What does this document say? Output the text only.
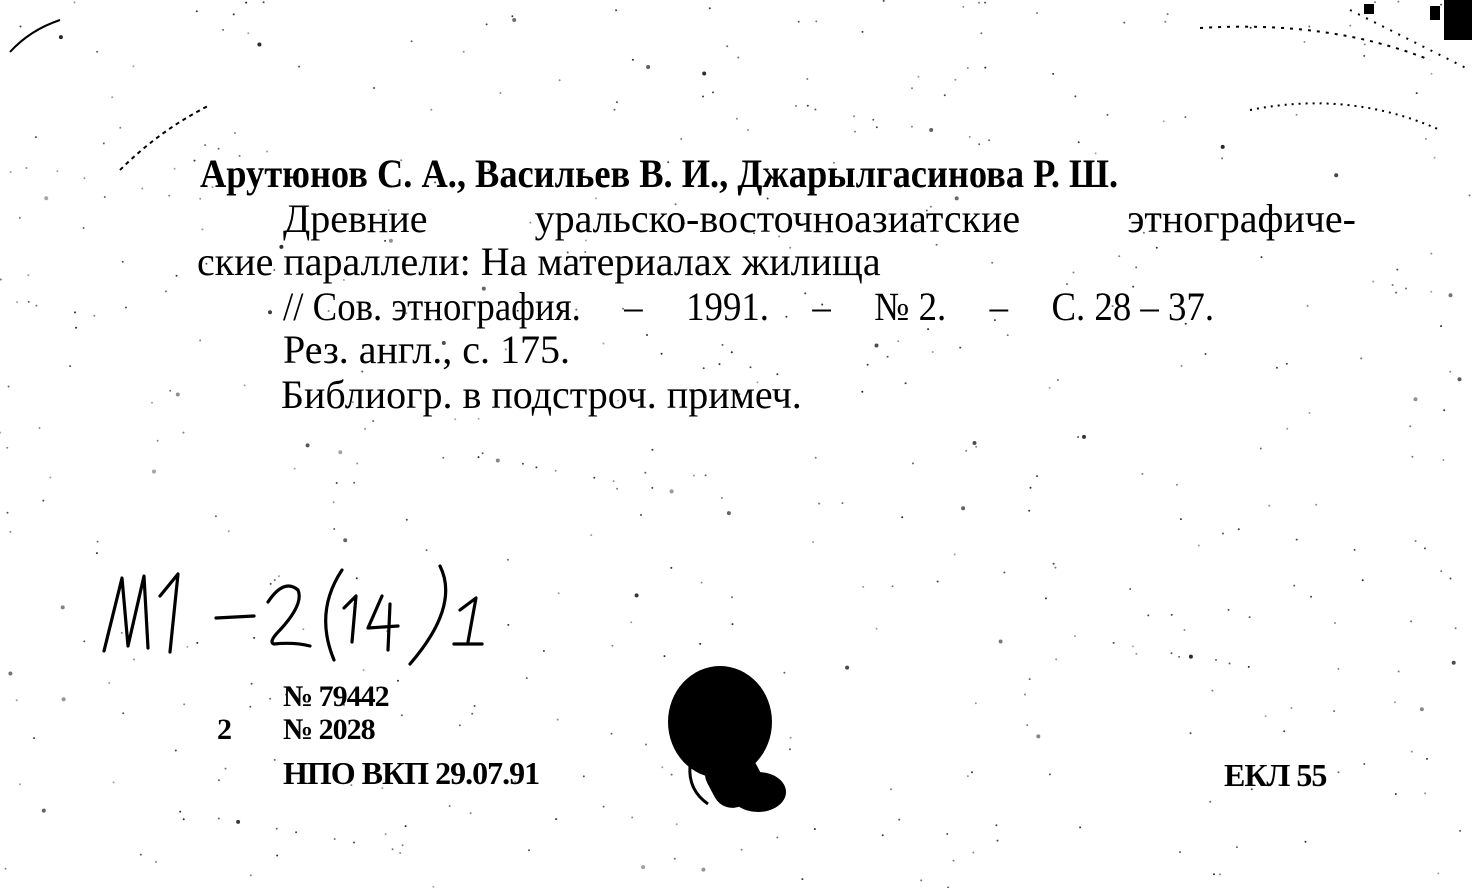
Арутюнов С. А., Васильев В. И., Джарылгасинова Р. Ш.
Древние	уральско-восточноазиатские	этнографиче-
ские параллели: На материалах жилища
// Сов. этнография. – 1991. – № 2. – С. 28 – 37.
Рез. англ., с. 175.
Библиогр. в подстроч. примеч.
№ 79442
2 № 2028
НПО ВКП 29.07.91	ЕКЛ 55
